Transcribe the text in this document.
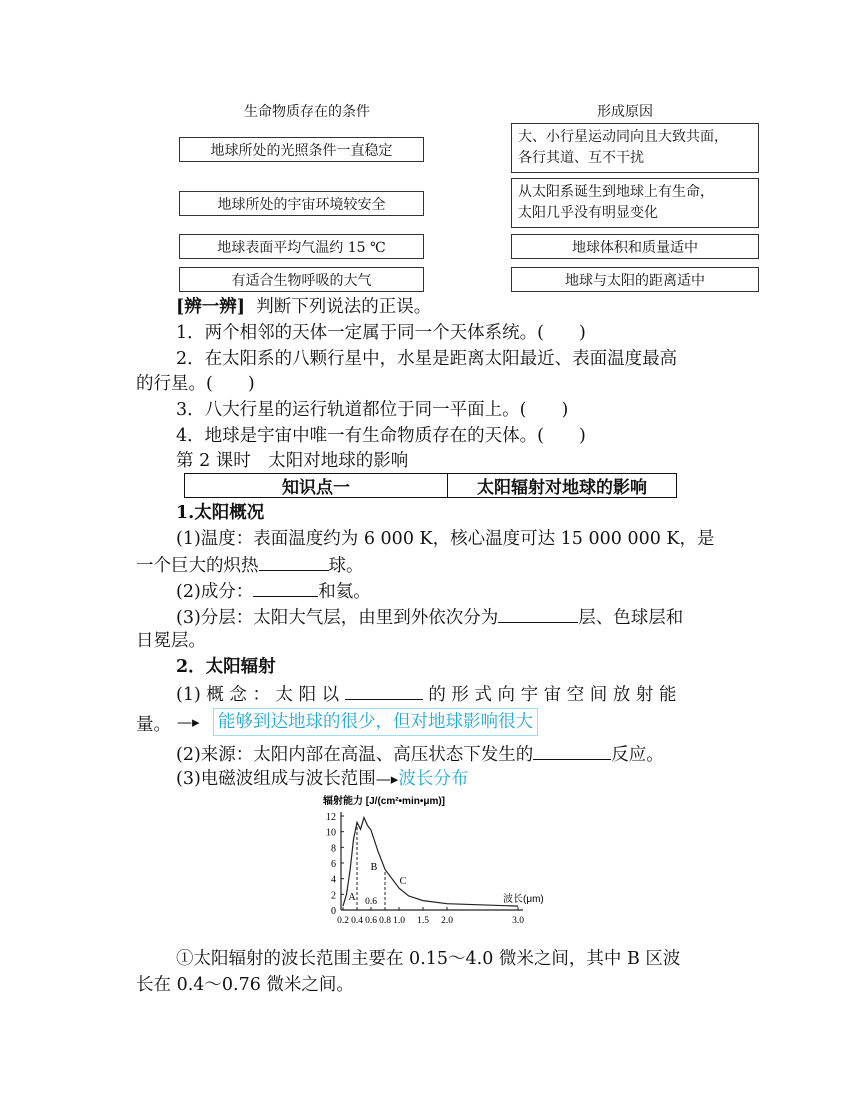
生命物质存在的条件	形成原因
地球所处的光照条件一直稳定
地球所处的宇宙环境较安全
地球表面平均气温约 15 ℃
有适合生物呼吸的大气
大、小行星运动同向且大致共面，
各行其道、互不干扰
从太阳系诞生到地球上有生命，
太阳几乎没有明显变化
地球体积和质量适中
地球与太阳的距离适中
[辨一辨] 判断下列说法的正误。
1．两个相邻的天体一定属于同一个天体系统。(　　)
2．在太阳系的八颗行星中，水星是距离太阳最近、表面温度最高
的行星。(　　)
3．八大行星的运行轨道都位于同一平面上。(　　)
4．地球是宇宙中唯一有生命物质存在的天体。(　　)
第 2 课时　太阳对地球的影响
知识点一	太阳辐射对地球的影响
1.太阳概况
(1)温度：表面温度约为 6 000 K，核心温度可达 15 000 000 K，是
一个巨大的炽热	球。
(2)成分：	和氦。
(3)分层：太阳大气层，由里到外依次分为	层、色球层和
日冕层。
2．太阳辐射
(1) 概 念 ： 太 阳 以	的 形 式 向 宇 宙 空 间 放 射 能
量。 —▸ 能够到达地球的很少，但对地球影响很大
(2)来源：太阳内部在高温、高压状态下发生的	反应。
(3)电磁波组成与波长范围—▸波长分布
辐射能力 [J/(cm²•min•μm)]
12
10
8
6
4
2
0
0.2 0.4 0.6 0.8 1.0 1.5 2.0	3.0
波长(μm)
A
B
C
0.6
①太阳辐射的波长范围主要在 0.15～4.0 微米之间，其中 B 区波
长在 0.4～0.76 微米之间。
